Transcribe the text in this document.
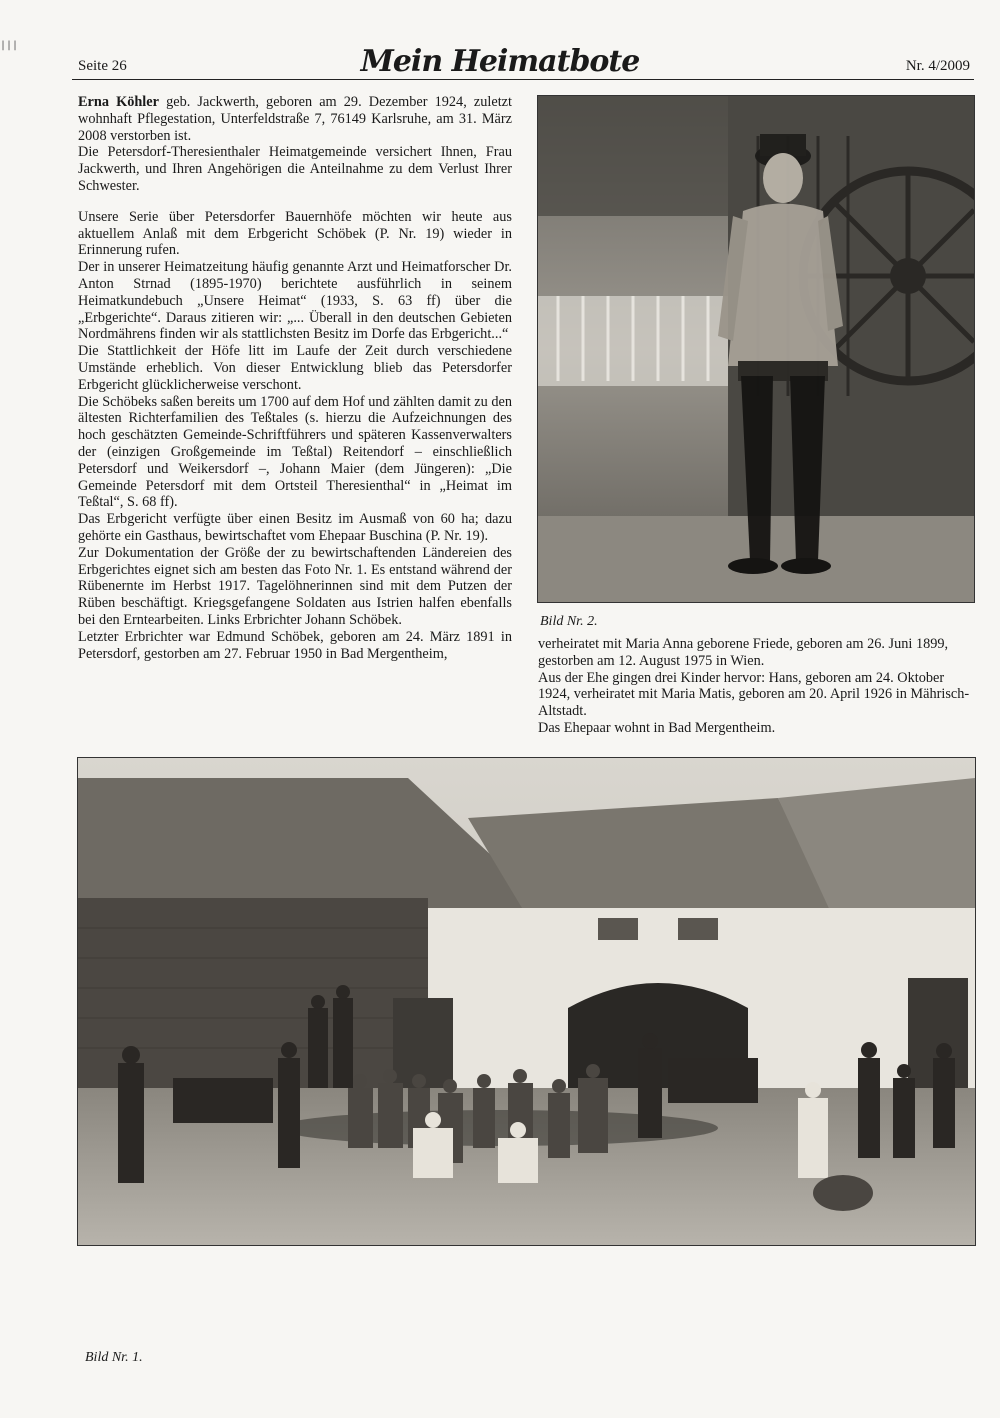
|||
Seite 26	Mein Heimatbote	Nr. 4/2009

Erna Köhler geb. Jackwerth, geboren am 29. Dezember 1924, zuletzt wohnhaft Pflegestation, Unterfeldstraße 7, 76149 Karlsruhe, am 31. März 2008 verstorben ist.

Die Petersdorf-Theresienthaler Heimatgemeinde versichert Ihnen, Frau Jackwerth, und Ihren Angehörigen die Anteilnahme zu dem Verlust Ihrer Schwester.

Unsere Serie über Petersdorfer Bauernhöfe möchten wir heute aus aktuellem Anlaß mit dem Erbgericht Schöbek (P. Nr. 19) wieder in Erinnerung rufen.

Der in unserer Heimatzeitung häufig genannte Arzt und Heimatforscher Dr. Anton Strnad (1895-1970) berichtete ausführlich in seinem Heimatkundebuch „Unsere Heimat“ (1933, S. 63 ff) über die „Erbgerichte“. Daraus zitieren wir: „... Überall in den deutschen Gebieten Nordmährens finden wir als stattlichsten Besitz im Dorfe das Erbgericht...“

Die Stattlichkeit der Höfe litt im Laufe der Zeit durch verschiedene Umstände erheblich. Von dieser Entwicklung blieb das Petersdorfer Erbgericht glücklicherweise verschont.

Die Schöbeks saßen bereits um 1700 auf dem Hof und zählten damit zu den ältesten Richterfamilien des Teßtales (s. hierzu die Aufzeichnungen des hoch geschätzten Gemeinde-Schriftführers und späteren Kassenverwalters der (einzigen Großgemeinde im Teßtal) Reitendorf – einschließlich Petersdorf und Weikersdorf –, Johann Maier (dem Jüngeren): „Die Gemeinde Petersdorf mit dem Ortsteil Theresienthal“ in „Heimat im Teßtal“, S. 68 ff).

Das Erbgericht verfügte über einen Besitz im Ausmaß von 60 ha; dazu gehörte ein Gasthaus, bewirtschaftet vom Ehepaar Buschina (P. Nr. 19).

Zur Dokumentation der Größe der zu bewirtschaftenden Ländereien des Erbgerichtes eignet sich am besten das Foto Nr. 1. Es entstand während der Rübenernte im Herbst 1917. Tagelöhnerinnen sind mit dem Putzen der Rüben beschäftigt. Kriegsgefangene Soldaten aus Istrien halfen ebenfalls bei den Erntearbeiten. Links Erbrichter Johann Schöbek.

Letzter Erbrichter war Edmund Schöbek, geboren am 24. März 1891 in Petersdorf, gestorben am 27. Februar 1950 in Bad Mergentheim,

Bild Nr. 2.

verheiratet mit Maria Anna geborene Friede, geboren am 26. Juni 1899, gestorben am 12. August 1975 in Wien.

Aus der Ehe gingen drei Kinder hervor: Hans, geboren am 24. Oktober 1924, verheiratet mit Maria Matis, geboren am 20. April 1926 in Mährisch-Altstadt.

Das Ehepaar wohnt in Bad Mergentheim.

Bild Nr. 1.
